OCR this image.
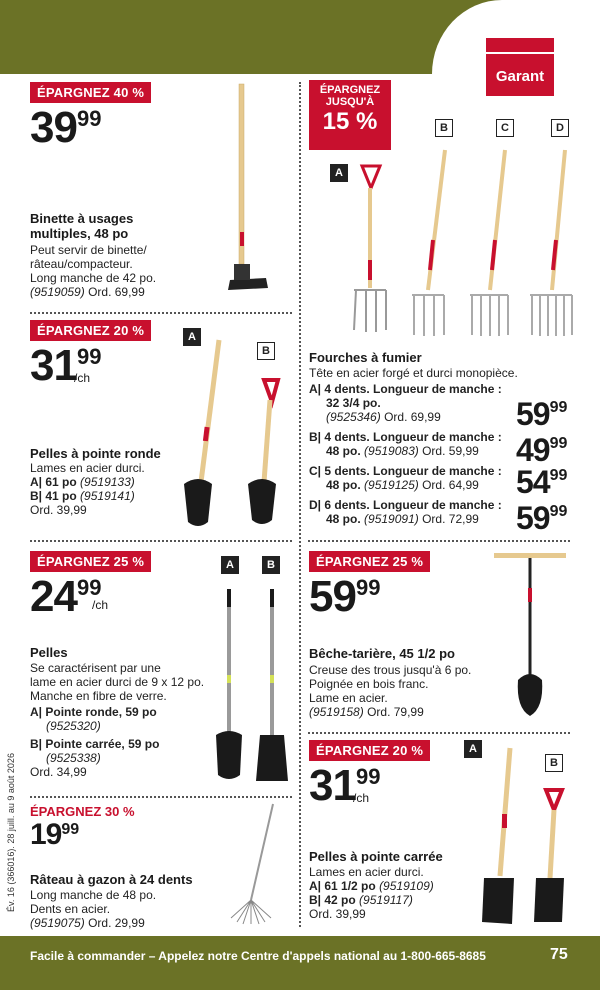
Garant
ÉPARGNEZ 40 %
3999
Binette à usages multiples, 48 po
Peut servir de binette/
râteau/compacteur.
Long manche de 42 po.
(9519059) Ord. 69,99
ÉPARGNEZ 20 %
3199
/ch
A
B
Pelles à pointe ronde
Lames en acier durci.
A| 61 po (9519133)
B| 41 po (9519141)
Ord. 39,99
ÉPARGNEZ
JUSQU'À
15 %
A
B	C	D
Fourches à fumier
Tête en acier forgé et durci monopièce.
A| 4 dents. Longueur de manche :
32 3/4 po.
(9525346) Ord. 69,99	5999
B| 4 dents. Longueur de manche :
48 po. (9519083) Ord. 59,99	4999
C| 5 dents. Longueur de manche :
48 po. (9519125) Ord. 64,99	5499
D| 6 dents. Longueur de manche :
48 po. (9519091) Ord. 72,99	5999
ÉPARGNEZ 25 %
2499
/ch
A	B
Pelles
Se caractérisent par une
lame en acier durci de 9 x 12 po.
Manche en fibre de verre.
A| Pointe ronde, 59 po
(9525320)
B| Pointe carrée, 59 po
(9525338)
Ord. 34,99
ÉPARGNEZ 25 %
5999
Bêche-tarière, 45 1/2 po
Creuse des trous jusqu'à 6 po.
Poignée en bois franc.
Lame en acier.
(9519158) Ord. 79,99
ÉPARGNEZ 30 %
1999
Râteau à gazon à 24 dents
Long manche de 48 po.
Dents en acier.
(9519075) Ord. 29,99
ÉPARGNEZ 20 %
3199
/ch
A
B
Pelles à pointe carrée
Lames en acier durci.
A| 61 1/2 po (9519109)
B| 42 po (9519117)
Ord. 39,99
Év. 16 (366016). 28 juill. au 9 août 2026
Facile à commander – Appelez notre Centre d'appels national au 1-800-665-8685	75
